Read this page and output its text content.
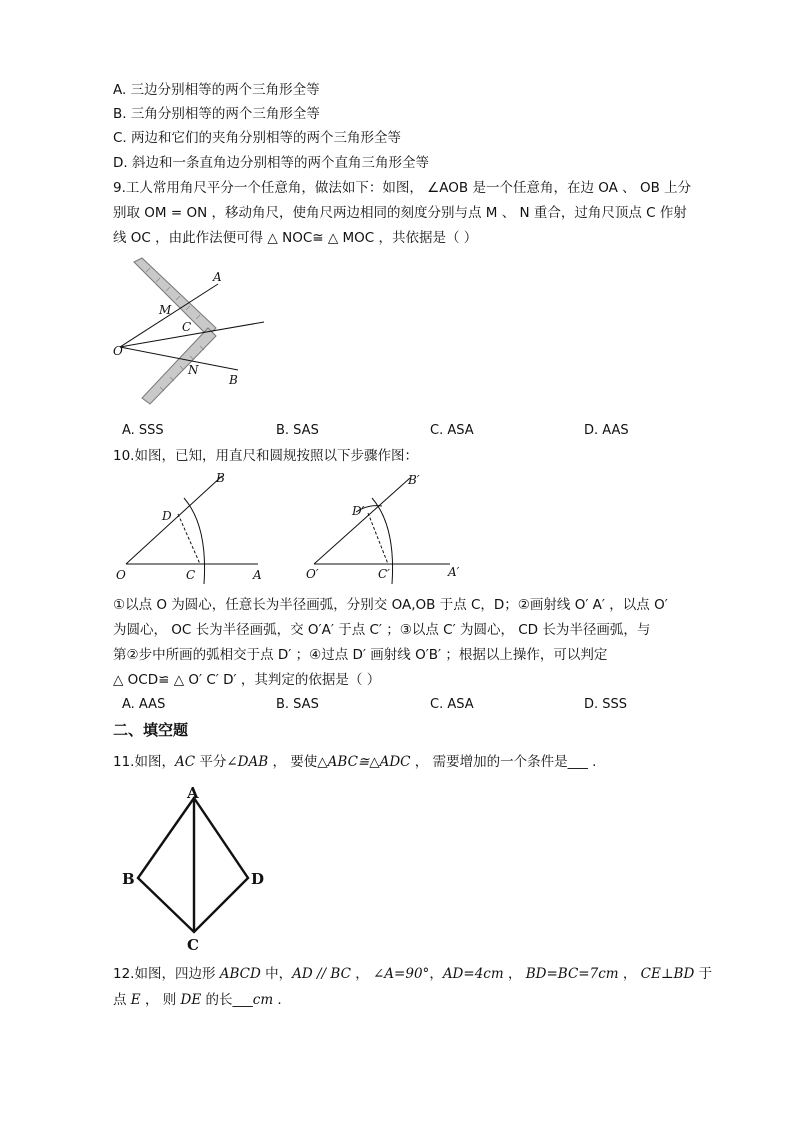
A. 三边分别相等的两个三角形全等
B. 三角分别相等的两个三角形全等
C. 两边和它们的夹角分别相等的两个三角形全等
D. 斜边和一条直角边分别相等的两个直角三角形全等
9.工人常用角尺平分一个任意角，做法如下：如图， ∠AOB 是一个任意角，在边 OA 、 OB 上分
别取 OM = ON ，移动角尺，使角尺两边相同的刻度分别与点 M 、 N 重合，过角尺顶点 C 作射
线 OC ，由此作法便可得 △ NOC≅ △ MOC ，共依据是（ ）
A
M
C
O
N
B
A. SSS	B. SAS	C. ASA	D. AAS
10.如图，已知，用直尺和圆规按照以下步骤作图：
B
D
O	C	A
B′
D′
O′	C′	A′
①以点 O 为圆心，任意长为半径画弧，分别交 OA,OB 于点 C，D；②画射线 O′ A′ ，以点 O′
为圆心， OC 长为半径画弧，交 O′A′ 于点 C′ ；③以点 C′ 为圆心， CD 长为半径画弧，与
第②步中所画的弧相交于点 D′ ；④过点 D′ 画射线 O′B′ ；根据以上操作，可以判定
△ OCD≌ △ O′ C′ D′ ，其判定的依据是（ ）
A. AAS	B. SAS	C. ASA	D. SSS
二、填空题
11.如图，AC 平分∠DAB ， 要使△ABC≅△ADC ， 需要增加的一个条件是___ .
A
B
C
D
12.如图，四边形 ABCD 中，AD // BC ， ∠A=90°，AD=4cm ， BD=BC=7cm ， CE⊥BD 于
点 E ， 则 DE 的长___cm .
